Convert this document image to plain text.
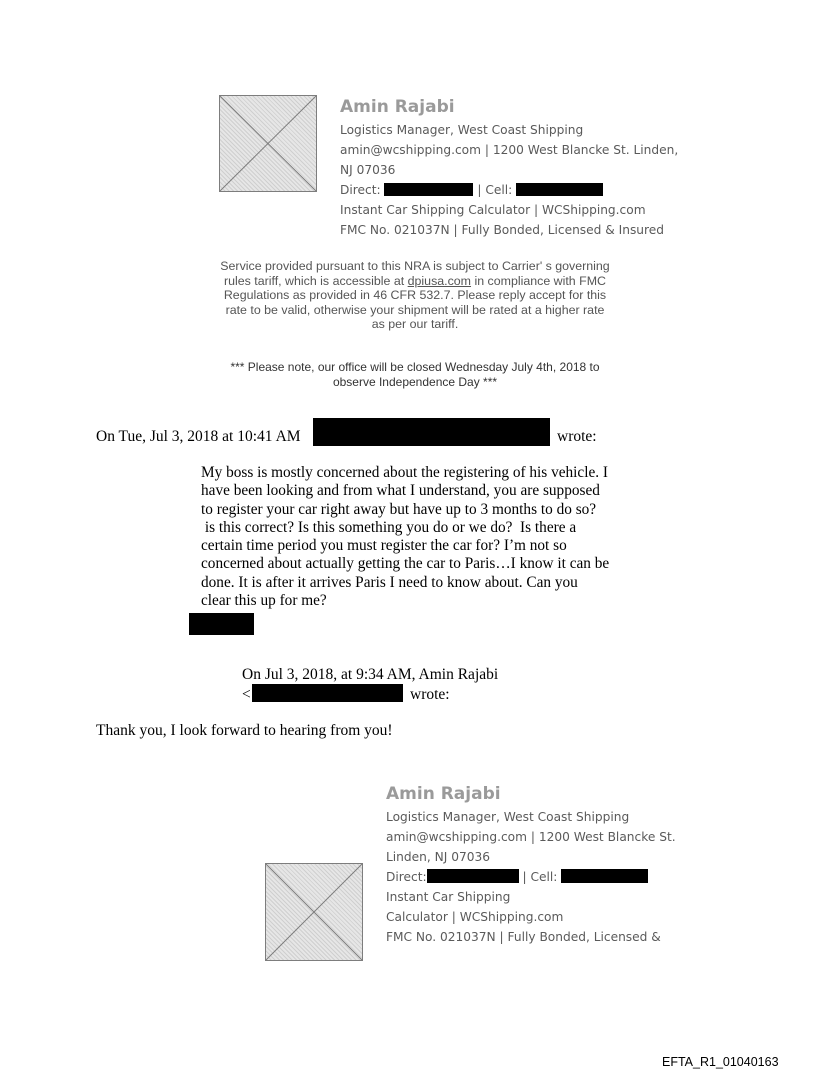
Amin Rajabi
Logistics Manager, West Coast Shipping
amin@wcshipping.com | 1200 West Blancke St. Linden,
NJ 07036
Direct:	| Cell:
Instant Car Shipping Calculator | WCShipping.com
FMC No. 021037N | Fully Bonded, Licensed & Insured
Service provided pursuant to this NRA is subject to Carrier' s governing
rules tariff, which is accessible at dpiusa.com in compliance with FMC
Regulations as provided in 46 CFR 532.7. Please reply accept for this
rate to be valid, otherwise your shipment will be rated at a higher rate
as per our tariff.
*** Please note, our office will be closed Wednesday July 4th, 2018 to
observe Independence Day ***
On Tue, Jul 3, 2018 at 10:41 AM	wrote:
My boss is mostly concerned about the registering of his vehicle. I
have been looking and from what I understand, you are supposed
to register your car right away but have up to 3 months to do so?
is this correct? Is this something you do or we do?  Is there a
certain time period you must register the car for? I’m not so
concerned about actually getting the car to Paris…I know it can be
done. It is after it arrives Paris I need to know about. Can you
clear this up for me?
On Jul 3, 2018, at 9:34 AM, Amin Rajabi
<	wrote:
Thank you, I look forward to hearing from you!
Amin Rajabi
Logistics Manager, West Coast Shipping
amin@wcshipping.com | 1200 West Blancke St.
Linden, NJ 07036
Direct:	| Cell:
Instant Car Shipping
Calculator | WCShipping.com
FMC No. 021037N | Fully Bonded, Licensed &
EFTA_R1_01040163
